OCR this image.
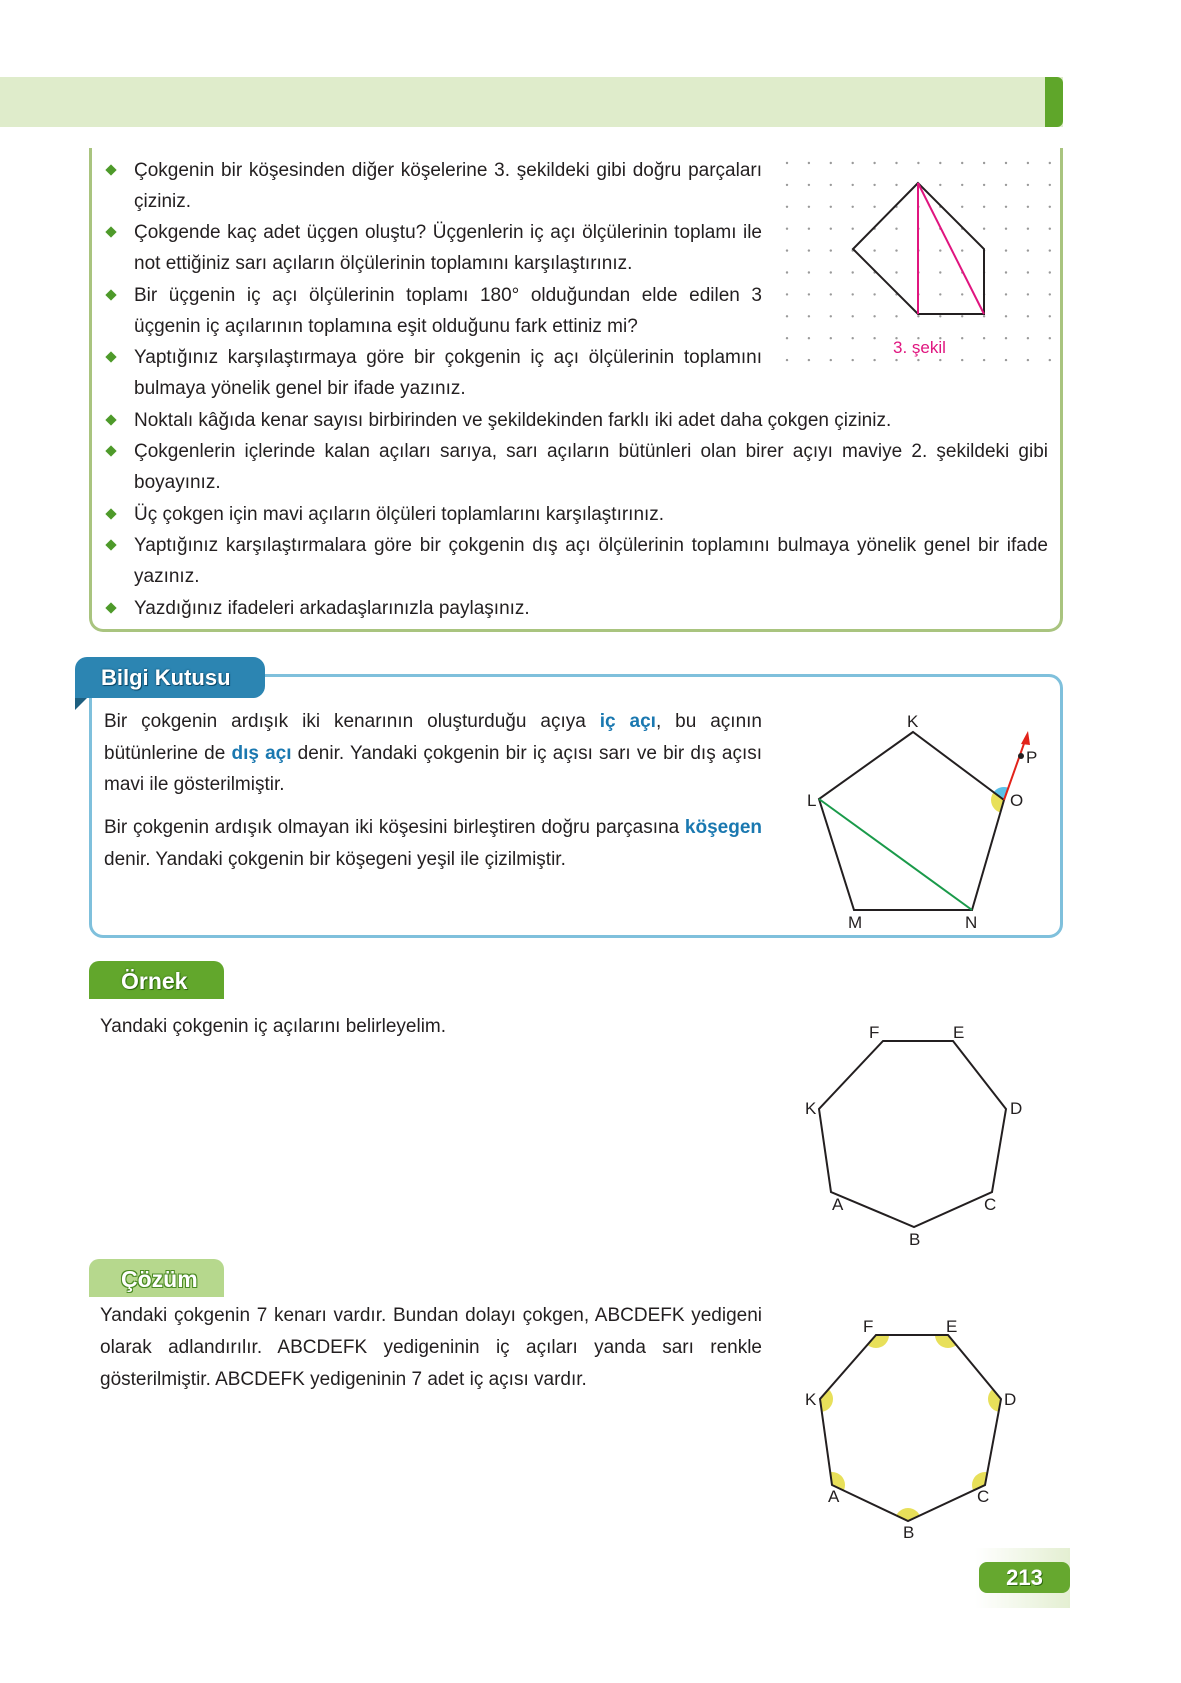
Çokgenin bir köşesinden diğer köşelerine 3. şekildeki gibi doğru parçaları çiziniz.
Çokgende kaç adet üçgen oluştu? Üçgenlerin iç açı ölçülerinin toplamı ile not ettiğiniz sarı açıların ölçülerinin toplamını karşılaştırınız.
Bir üçgenin iç açı ölçülerinin toplamı 180° olduğundan elde edilen 3 üçgenin iç açılarının toplamına eşit olduğunu fark ettiniz mi?
Yaptığınız karşılaştırmaya göre bir çokgenin iç açı ölçülerinin toplamını bulmaya yönelik genel bir ifade yazınız.
Noktalı kâğıda kenar sayısı birbirinden ve şekildekinden farklı iki adet daha çokgen çiziniz.
Çokgenlerin içlerinde kalan açıları sarıya, sarı açıların bütünleri olan birer açıyı maviye 2. şekildeki gibi boyayınız.
Üç çokgen için mavi açıların ölçüleri toplamlarını karşılaştırınız.
Yaptığınız karşılaştırmalara göre bir çokgenin dış açı ölçülerinin toplamını bulmaya yönelik genel bir ifade yazınız.
Yazdığınız ifadeleri arkadaşlarınızla paylaşınız.
Bilgi Kutusu
Bir çokgenin ardışık iki kenarının oluşturduğu açıya iç açı, bu açının bütünlerine de dış açı denir. Yandaki çokgenin bir iç açısı sarı ve bir dış açısı mavi ile gösterilmiştir.
Bir çokgenin ardışık olmayan iki köşesini birleştiren doğru parçasına köşegen denir. Yandaki çokgenin bir köşegeni yeşil ile çizilmiştir.
Örnek
Yandaki çokgenin iç açılarını belirleyelim.
Çözüm
Yandaki çokgenin 7 kenarı vardır. Bundan dolayı çokgen, ABCDEFK yedigeni olarak adlandırılır. ABCDEFK yedigeninin iç açıları yanda sarı renkle gösterilmiştir. ABCDEFK yedigeninin 7 adet iç açısı vardır.
213
3. şekil
K
L
M	N
O
P
F	E
D
C
B
A
K
F	E
D
C
B
A
K
